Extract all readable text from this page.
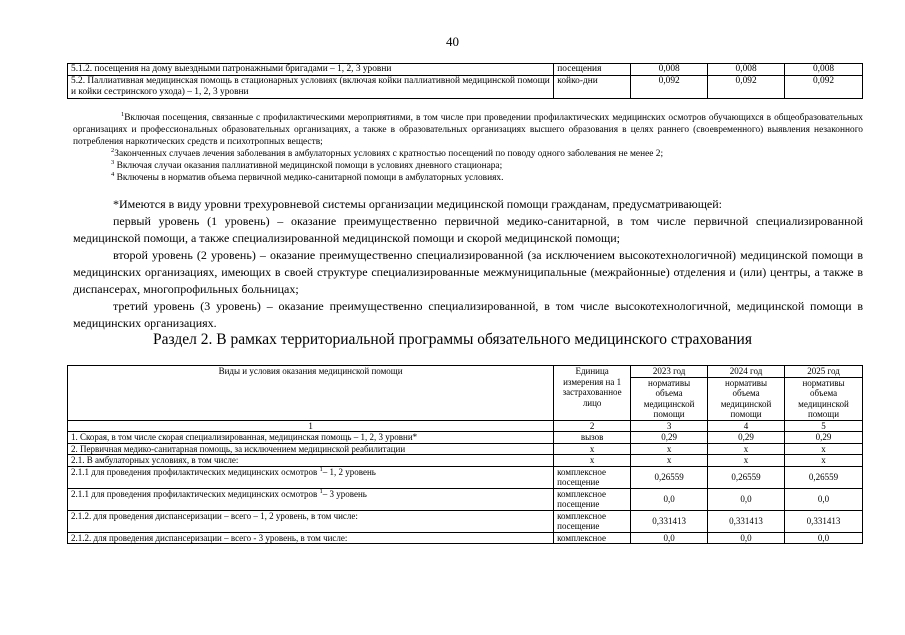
40
5.1.2. посещения на дому выездными патронажными бригадами – 1, 2, 3 уровни	посещения	0,008	0,008	0,008
5.2. Паллиативная медицинская помощь в стационарных условиях (включая койки паллиативной медицинской помощи и койки сестринского ухода) – 1, 2, 3 уровни	койко-дни	0,092	0,092	0,092

$^1$Включая посещения, связанные с профилактическими мероприятиями, в том числе при проведении профилактических медицинских осмотров обучающихся в общеобразовательных организациях и профессиональных образовательных организациях, а также в образовательных организациях высшего образования в целях раннего (своевременного) выявления незаконного потребления наркотических средств и психотропных веществ;

$^2$Законченных случаев лечения заболевания в амбулаторных условиях с кратностью посещений по поводу одного заболевания не менее 2;

$^3$ Включая случаи оказания паллиативной медицинской помощи в условиях дневного стационара;

$^4$ Включены в норматив объема первичной медико-санитарной помощи в амбулаторных условиях.

*Имеются в виду уровни трехуровневой системы организации медицинской помощи гражданам, предусматривающей:

первый уровень (1 уровень) – оказание преимущественно первичной медико-санитарной, в том числе первичной специализированной медицинской помощи, а также специализированной медицинской помощи и скорой медицинской помощи;

второй уровень (2 уровень) – оказание преимущественно специализированной (за исключением высокотехнологичной) медицинской помощи в медицинских организациях, имеющих в своей структуре специализированные межмуниципальные (межрайонные) отделения и (или) центры, а также в диспансерах, многопрофильных больницах;

третий уровень (3 уровень) – оказание преимущественно специализированной, в том числе высокотехнологичной, медицинской помощи в медицинских организациях.

Раздел 2. В рамках территориальной программы обязательного медицинского страхования
Виды и условия оказания медицинской помощи	Единица измерения на 1 застрахованное лицо	2023 год	2024 год	2025 год
		нормативы объема медицинской помощи	нормативы объема медицинской помощи	нормативы объема медицинской помощи
1	2	3	4	5
1. Скорая, в том числе скорая специализированная, медицинская помощь – 1, 2, 3 уровни*	вызов	0,29	0,29	0,29
2. Первичная медико-санитарная помощь, за исключением медицинской реабилитации	х	х	х	х
2.1. В амбулаторных условиях, в том числе:	х	х	х	х
2.1.1 для проведения профилактических медицинских осмотров $^1$– 1, 2 уровень	комплексное посещение	0,26559	0,26559	0,26559
2.1.1 для проведения профилактических медицинских осмотров $^1$– 3 уровень	комплексное посещение	0,0	0,0	0,0
2.1.2. для проведения диспансеризации – всего – 1, 2 уровень, в том числе:	комплексное посещение	0,331413	0,331413	0,331413
2.1.2. для проведения диспансеризации – всего - 3 уровень, в том числе:	комплексное	0,0	0,0	0,0
